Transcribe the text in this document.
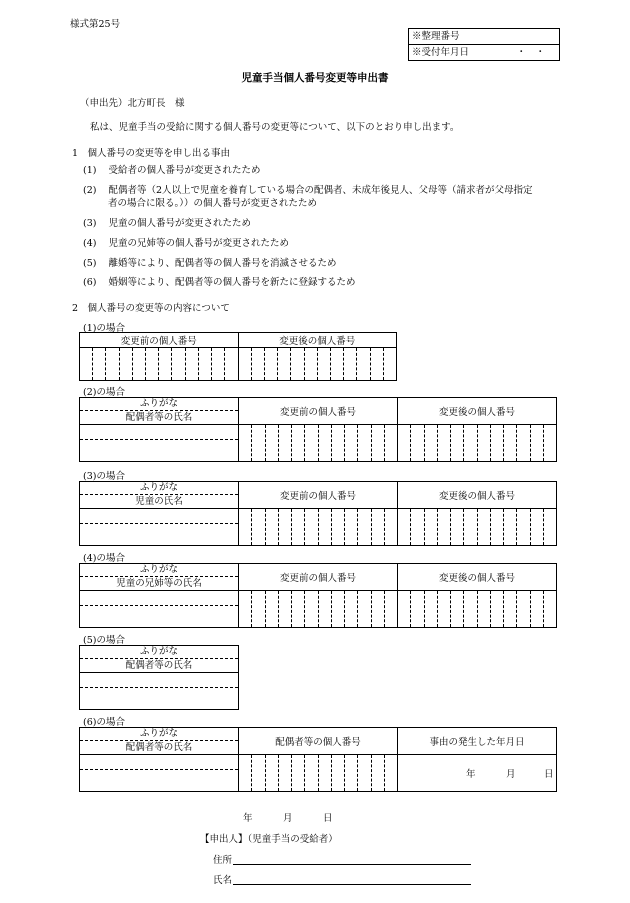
様式第25号
※整理番号
※受付年月日	・　・
児童手当個人番号変更等申出書
（申出先）北方町長　様
私は、児童手当の受給に関する個人番号の変更等について、以下のとおり申し出ます。
1　個人番号の変更等を申し出る事由
(1) 受給者の個人番号が変更されたため
(2) 配偶者等（2人以上で児童を養育している場合の配偶者、未成年後見人、父母等（請求者が父母指定
者の場合に限る。））の個人番号が変更されたため
(3) 児童の個人番号が変更されたため
(4) 児童の兄姉等の個人番号が変更されたため
(5) 離婚等により、配偶者等の個人番号を消滅させるため
(6) 婚姻等により、配偶者等の個人番号を新たに登録するため
2　個人番号の変更等の内容について
(1)の場合
変更前の個人番号	変更後の個人番号

(2)の場合
ふりがな
配偶者等の氏名	変更前の個人番号	変更後の個人番号

(3)の場合
ふりがな
児童の氏名	変更前の個人番号	変更後の個人番号

(4)の場合
ふりがな
児童の兄姉等の氏名	変更前の個人番号	変更後の個人番号

(5)の場合
ふりがな
配偶者等の氏名

(6)の場合
ふりがな
配偶者等の氏名	配偶者等の個人番号	事由の発生した年月日

		年 月 日
年	月	日
【申出人】（児童手当の受給者）
住所
氏名
